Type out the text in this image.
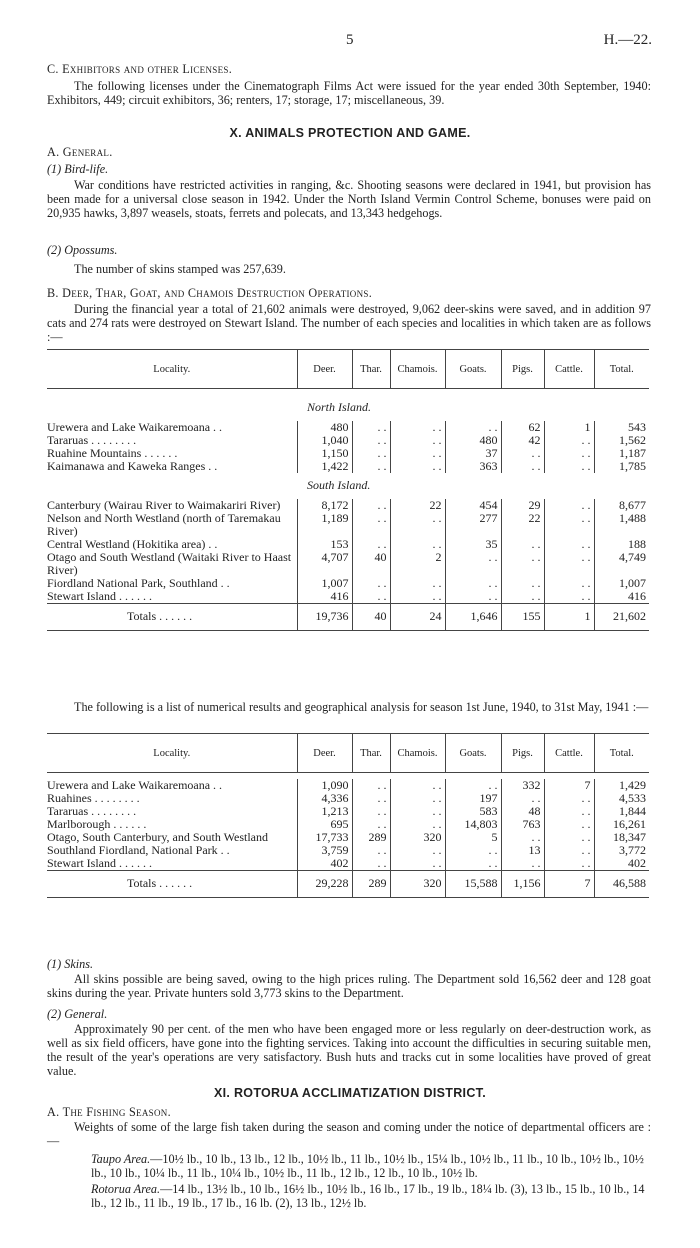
5	H.—22.
C. Exhibitors and other Licenses.
The following licenses under the Cinematograph Films Act were issued for the year ended 30th September, 1940: Exhibitors, 449; circuit exhibitors, 36; renters, 17; storage, 17; miscellaneous, 39.
X. ANIMALS PROTECTION AND GAME.
A. General.
(1) Bird-life.
War conditions have restricted activities in ranging, &c. Shooting seasons were declared in 1941, but provision has been made for a universal close season in 1942. Under the North Island Vermin Control Scheme, bonuses were paid on 20,935 hawks, 3,897 weasels, stoats, ferrets and polecats, and 13,343 hedgehogs.
(2) Opossums.
The number of skins stamped was 257,639.
B. Deer, Thar, Goat, and Chamois Destruction Operations.
During the financial year a total of 21,602 animals were destroyed, 9,062 deer-skins were saved, and in addition 97 cats and 274 rats were destroyed on Stewart Island. The number of each species and localities in which taken are as follows :—
Locality.	Deer.	Thar.	Chamois.	Goats.	Pigs.	Cattle.	Total.

	North Island.						
Urewera and Lake Waikaremoana . .	480	. .	. .	. .	62	1	543
Tararuas . . . . . . . .	1,040	. .	. .	480	42	. .	1,562
Ruahine Mountains . . . . . .	1,150	. .	. .	37	. .	. .	1,187
Kaimanawa and Kaweka Ranges . .	1,422	. .	. .	363	. .	. .	1,785
	South Island.						
Canterbury (Wairau River to Waimakariri River)	8,172	. .	22	454	29	. .	8,677
Nelson and North Westland (north of Taremakau River)	1,189	. .	. .	277	22	. .	1,488
Central Westland (Hokitika area) . .	153	. .	. .	35	. .	. .	188
Otago and South Westland (Waitaki River to Haast River)	4,707	40	2	. .	. .	. .	4,749
Fiordland National Park, Southland . .	1,007	. .	. .	. .	. .	. .	1,007
Stewart Island . . . . . .	416	. .	. .	. .	. .	. .	416
Totals . . . . . .	19,736	40	24	1,646	155	1	21,602
The following is a list of numerical results and geographical analysis for season 1st June, 1940, to 31st May, 1941 :—
Locality.	Deer.	Thar.	Chamois.	Goats.	Pigs.	Cattle.	Total.

Urewera and Lake Waikaremoana . .	1,090	. .	. .	. .	332	7	1,429
Ruahines . . . . . . . .	4,336	. .	. .	197	. .	. .	4,533
Tararuas . . . . . . . .	1,213	. .	. .	583	48	. .	1,844
Marlborough . . . . . .	695	. .	. .	14,803	763	. .	16,261
Otago, South Canterbury, and South Westland	17,733	289	320	5	. .	. .	18,347
Southland Fiordland, National Park . .	3,759	. .	. .	. .	13	. .	3,772
Stewart Island . . . . . .	402	. .	. .	. .	. .	. .	402
Totals . . . . . .	29,228	289	320	15,588	1,156	7	46,588
(1) Skins.
All skins possible are being saved, owing to the high prices ruling. The Department sold 16,562 deer and 128 goat skins during the year. Private hunters sold 3,773 skins to the Department.
(2) General.
Approximately 90 per cent. of the men who have been engaged more or less regularly on deer-destruction work, as well as six field officers, have gone into the fighting services. Taking into account the difficulties in securing suitable men, the result of the year's operations are very satisfactory. Bush huts and tracks cut in some localities have proved of great value.
XI. ROTORUA ACCLIMATIZATION DISTRICT.
A. The Fishing Season.
Weights of some of the large fish taken during the season and coming under the notice of departmental officers are :—
Taupo Area.—10½ lb., 10 lb., 13 lb., 12 lb., 10½ lb., 11 lb., 10½ lb., 15¼ lb., 10½ lb., 11 lb., 10 lb., 10½ lb., 10½ lb., 10 lb., 10¼ lb., 11 lb., 10¼ lb., 10½ lb., 11 lb., 12 lb., 12 lb., 10 lb., 10½ lb.
Rotorua Area.—14 lb., 13½ lb., 10 lb., 16½ lb., 10½ lb., 16 lb., 17 lb., 19 lb., 18¼ lb. (3), 13 lb., 15 lb., 10 lb., 14 lb., 12 lb., 11 lb., 19 lb., 17 lb., 16 lb. (2), 13 lb., 12½ lb.
